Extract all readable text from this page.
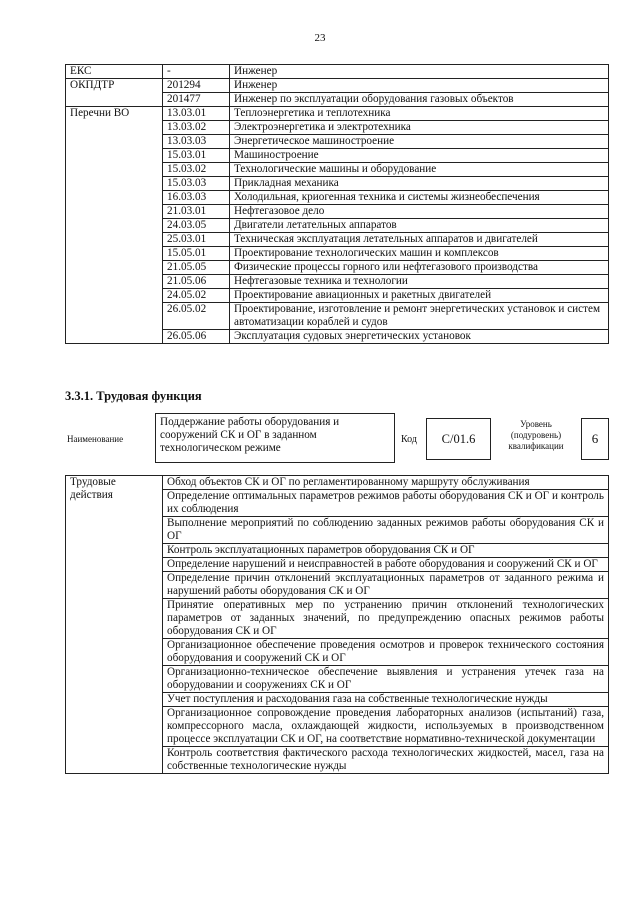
23
ЕКС	-	Инженер
ОКПДТР	201294	Инженер
	201477	Инженер по эксплуатации оборудования газовых объектов
Перечни ВО	13.03.01	Теплоэнергетика и теплотехника
	13.03.02	Электроэнергетика и электротехника
	13.03.03	Энергетическое машиностроение
	15.03.01	Машиностроение
	15.03.02	Технологические машины и оборудование
	15.03.03	Прикладная механика
	16.03.03	Холодильная, криогенная техника и системы жизнеобеспечения
	21.03.01	Нефтегазовое дело
	24.03.05	Двигатели летательных аппаратов
	25.03.01	Техническая эксплуатация летательных аппаратов и двигателей
	15.05.01	Проектирование технологических машин и комплексов
	21.05.05	Физические процессы горного или нефтегазового производства
	21.05.06	Нефтегазовые техника и технологии
	24.05.02	Проектирование авиационных и ракетных двигателей
	26.05.02	Проектирование, изготовление и ремонт энергетических установок и систем автоматизации кораблей и судов
	26.05.06	Эксплуатация судовых энергетических установок
3.3.1. Трудовая функция
Наименование
Поддержание работы оборудования и сооружений СК и ОГ в заданном технологическом режиме
Код	С/01.6
Уровень (подуровень) квалификации	6
Трудовые действия	Обход объектов СК и ОГ по регламентированному маршруту обслуживания
Определение оптимальных параметров режимов работы оборудования СК и ОГ и контроль их соблюдения
Выполнение мероприятий по соблюдению заданных режимов работы оборудования СК и ОГ
Контроль эксплуатационных параметров оборудования СК и ОГ
Определение нарушений и неисправностей в работе оборудования и сооружений СК и ОГ
Определение причин отклонений эксплуатационных параметров от заданного режима и нарушений работы оборудования СК и ОГ
Принятие оперативных мер по устранению причин отклонений технологических параметров от заданных значений, по предупреждению опасных режимов работы оборудования СК и ОГ
Организационное обеспечение проведения осмотров и проверок технического состояния оборудования и сооружений СК и ОГ
Организационно-техническое обеспечение выявления и устранения утечек газа на оборудовании и сооружениях СК и ОГ
Учет поступления и расходования газа на собственные технологические нужды
Организационное сопровождение проведения лабораторных анализов (испытаний) газа, компрессорного масла, охлаждающей жидкости, используемых в производственном процессе эксплуатации СК и ОГ, на соответствие нормативно-технической документации
Контроль соответствия фактического расхода технологических жидкостей, масел, газа на собственные технологические нужды
